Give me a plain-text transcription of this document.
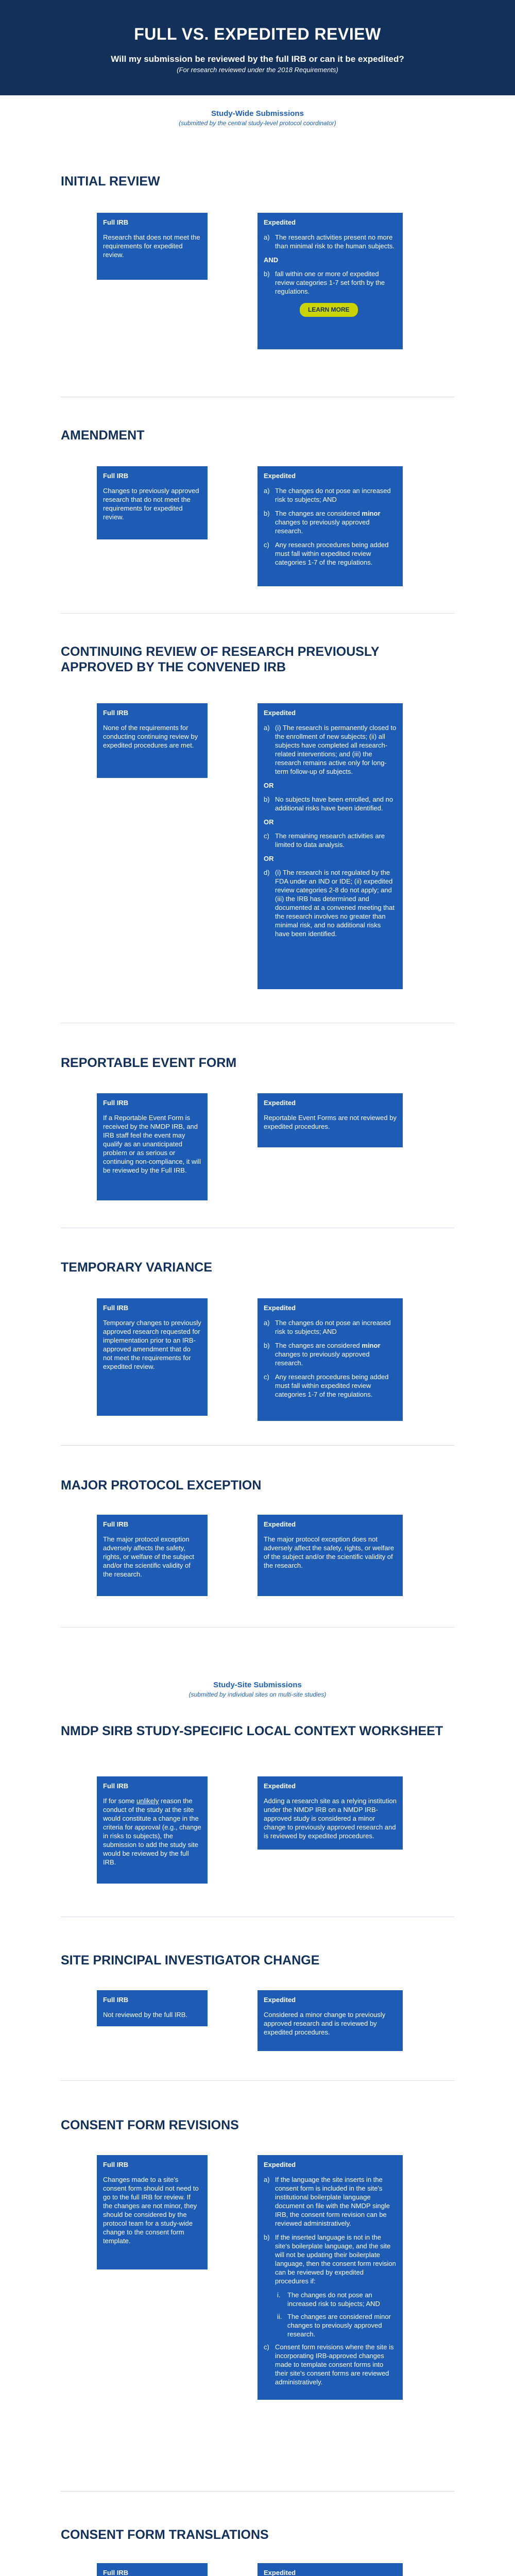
FULL VS. EXPEDITED REVIEW
Will my submission be reviewed by the full IRB or can it be expedited?
(For research reviewed under the 2018 Requirements)
Study-Wide Submissions
(submitted by the central study-level protocol coordinator)
INITIAL REVIEW
Full IRB

Research that does not meet the requirements for expedited review.

Expedited
a) The research activities present no more than minimal risk to the human subjects.
AND
b) fall within one or more of expedited review categories 1-7 set forth by the regulations.
LEARN MORE
AMENDMENT
Full IRB

Changes to previously approved research that do not meet the requirements for expedited review.

Expedited
a) The changes do not pose an increased risk to subjects; AND
b) The changes are considered minor changes to previously approved research.
c) Any research procedures being added must fall within expedited review categories 1-7 of the regulations.
CONTINUING REVIEW OF RESEARCH PREVIOUSLY APPROVED BY THE CONVENED IRB
Full IRB

None of the requirements for conducting continuing review by expedited procedures are met.

Expedited
a) (i) The research is permanently closed to the enrollment of new subjects; (ii) all subjects have completed all research-related interventions; and (iii) the research remains active only for long-term follow-up of subjects.
OR
b) No subjects have been enrolled, and no additional risks have been identified.
OR
c) The remaining research activities are limited to data analysis.
OR
d) (i) The research is not regulated by the FDA under an IND or IDE; (ii) expedited review categories 2-8 do not apply; and (iii) the IRB has determined and documented at a convened meeting that the research involves no greater than minimal risk, and no additional risks have been identified.
REPORTABLE EVENT FORM
Full IRB

If a Reportable Event Form is received by the NMDP IRB, and IRB staff feel the event may qualify as an unanticipated problem or as serious or continuing non-compliance, it will be reviewed by the Full IRB.

Expedited

Reportable Event Forms are not reviewed by expedited procedures.

TEMPORARY VARIANCE
Full IRB

Temporary changes to previously approved research requested for implementation prior to an IRB-approved amendment that do not meet the requirements for expedited review.

Expedited
a) The changes do not pose an increased risk to subjects; AND
b) The changes are considered minor changes to previously approved research.
c) Any research procedures being added must fall within expedited review categories 1-7 of the regulations.
MAJOR PROTOCOL EXCEPTION
Full IRB

The major protocol exception adversely affects the safety, rights, or welfare of the subject and/or the scientific validity of the research.

Expedited

The major protocol exception does not adversely affect the safety, rights, or welfare of the subject and/or the scientific validity of the research.

Study-Site Submissions
(submitted by individual sites on multi-site studies)
NMDP SIRB STUDY-SPECIFIC LOCAL CONTEXT WORKSHEET
Full IRB

If for some unlikely reason the conduct of the study at the site would constitute a change in the criteria for approval (e.g., change in risks to subjects), the submission to add the study site would be reviewed by the full IRB.

Expedited

Adding a research site as a relying institution under the NMDP IRB on a NMDP IRB-approved study is considered a minor change to previously approved research and is reviewed by expedited procedures.

SITE PRINCIPAL INVESTIGATOR CHANGE
Full IRB

Not reviewed by the full IRB.

Expedited

Considered a minor change to previously approved research and is reviewed by expedited procedures.

CONSENT FORM REVISIONS
Full IRB

Changes made to a site's consent form should not need to go to the full IRB for review. If the changes are not minor, they should be considered by the protocol team for a study-wide change to the consent form template.

Expedited
a) If the language the site inserts in the consent form is included in the site's institutional boilerplate language document on file with the NMDP single IRB, the consent form revision can be reviewed administratively.
b) If the inserted language is not in the site's boilerplate language, and the site will not be updating their boilerplate language, then the consent form revision can be reviewed by expedited procedures if:
i.	The changes do not pose an increased risk to subjects; AND
ii. The changes are considered minor changes to previously approved research.
c) Consent form revisions where the site is incorporating IRB-approved changes made to template consent forms into their site's consent forms are reviewed administratively.
CONSENT FORM TRANSLATIONS
Full IRB	Expedited
